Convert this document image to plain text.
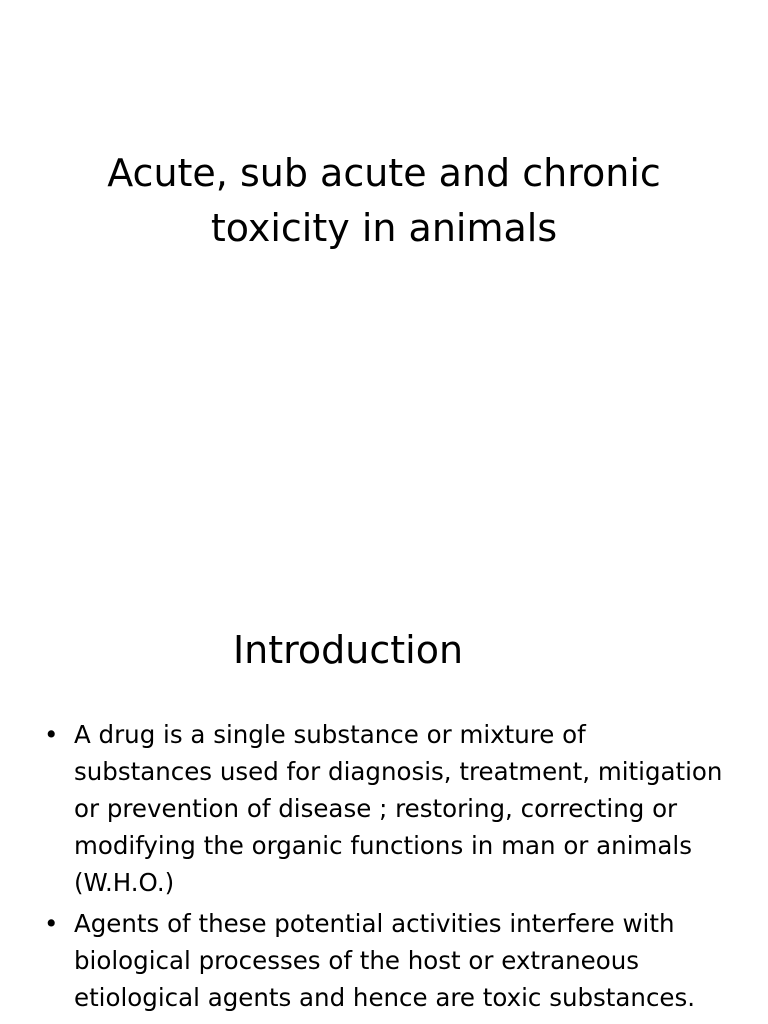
Acute, sub acute and chronic toxicity in animals
Introduction
• A drug is a single substance or mixture of substances used for diagnosis, treatment, mitigation or prevention of disease ; restoring, correcting or modifying the organic functions in man or animals (W.H.O.)
• Agents of these potential activities interfere with biological processes of the host or extraneous etiological agents and hence are toxic substances.
